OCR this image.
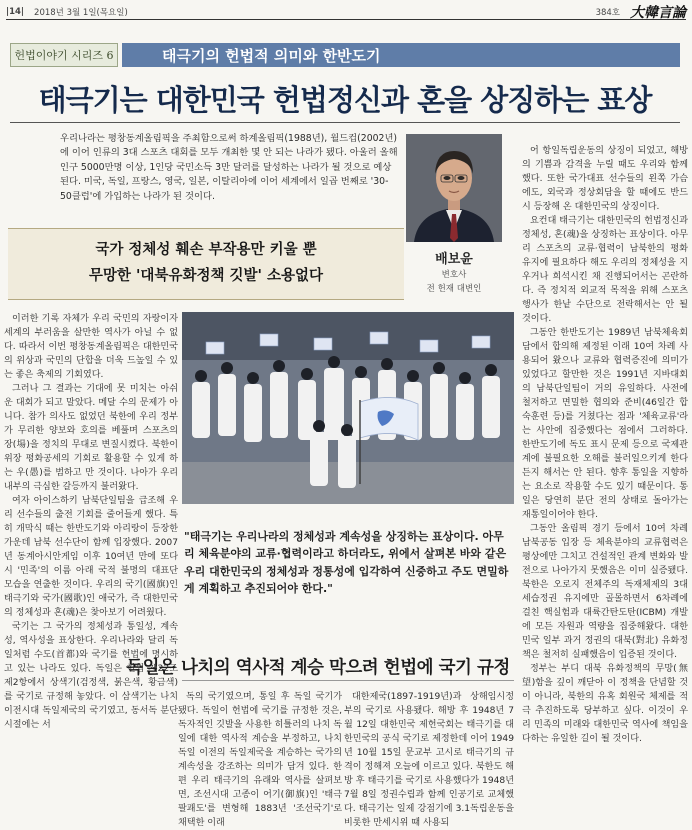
|14| 2018년 3월 1일(목요일)	384호 大韓言論
헌법이야기 시리즈 6	태극기의 헌법적 의미와 한반도기
태극기는 대한민국 헌법정신과 혼을 상징하는 표상

우리나라는 평창동계올림픽을 주최함으로써 하계올림픽(1988년), 월드컵(2002년)에 이어 인류의 3대 스포츠 대회를 모두 개최한 몇 안 되는 나라가 됐다. 아울러 올해 인구 5000만명 이상, 1인당 국민소득 3만 달러를 달성하는 나라가 될 것으로 예상된다. 미국, 독일, 프랑스, 영국, 일본, 이탈리아에 이어 세계에서 일곱 번째로 '30-50클럽'에 가입하는 나라가 된 것이다.

국가 정체성 훼손 부작용만 키울 뿐
무망한 '대북유화정책 깃발' 소용없다
배보윤
변호사
전 헌재 대변인

이러한 기록 자체가 우리 국민의 자랑이자 세계의 부러움을 살만한 역사가 아닐 수 없다. 따라서 이번 평창동계올림픽은 대한민국의 위상과 국민의 단합을 더욱 드높일 수 있는 좋은 축제의 기회였다.

그러나 그 결과는 기대에 못 미치는 아쉬운 대회가 되고 말았다. 메달 수의 문제가 아니다. 참가 의사도 없었던 북한에 우리 정부가 무리한 양보와 호의를 베풀며 스포츠의 장(場)을 정치의 무대로 변질시켰다. 북한이 위장 평화공세의 기회로 활용할 수 있게 하는 우(愚)를 범하고 만 것이다. 나아가 우리 내부의 극심한 갈등까지 불러왔다.

여자 아이스하키 남북단일팀을 급조해 우리 선수들의 출전 기회를 줄어들게 했다. 특히 개막식 때는 한반도기와 아리랑이 등장한 가운데 남북 선수단이 함께 입장했다. 2007년 동계아시안게임 이후 10여년 만에 또다시 '민족'의 이름 아래 국적 불명의 대표단 모습을 연출한 것이다. 우리의 국기(國旗)인 태극기와 국가(國歌)인 애국가, 즉 대한민국의 정체성과 혼(魂)은 찾아보기 어려웠다.

국기는 그 국가의 정체성과 통일성, 계속성, 역사성을 표상한다. 우리나라와 달리 독일처럼 수도(首都)와 국기를 헌법에 명시하고 있는 나라도 있다. 독일은 헌법 제22조 제2항에서 상색기(검정색, 붉은색, 황금색)를 국기로 규정해 놓았다. 이 삼색기는 나치 이전시대 독일제국의 국기였고, 동서독 분단시절에는 서

"태극기는 우리나라의 정체성과 계속성을 상징하는 표상이다. 아무리 체육분야의 교류·협력이라고 하더라도, 위에서 살펴본 바와 같은 우리 대한민국의 정체성과 정통성에 입각하여 신중하고 주도 면밀하게 계획하고 추진되어야 한다."

독일은 나치의 역사적 계승 막으려 헌법에 국기 규정

독의 국기였으며, 통일 후 독일 국기가 됐다. 독일이 헌법에 국기를 규정한 것은, 독자적인 깃발을 사용한 히틀러의 나치 독일에 대한 역사적 계승을 부정하고, 나치 독일 이전의 독일제국을 계승하는 국가의 계속성을 강조하는 의미가 담겨 있다. 한편 우리 태극기의 유래와 역사를 살펴보면, 조선시대 고종이 어기(御旗)인 '태극팔괘도'를 변형해 1883년 '조선국기'로 채택한 이래

대한제국(1897-1919년)과 상해임시정부의 국기로 사용됐다. 해방 후 1948년 7월 12일 대한민국 제헌국회는 태극기를 대한민국의 공식 국기로 제정한데 이어 1949년 10월 15일 문교부 고시로 태극기의 규격이 정해져 오늘에 이르고 있다. 북한도 해방 후 태극기를 국기로 사용했다가 1948년 7월 8일 정권수립과 함께 인공기로 교체했다. 태극기는 일제 강점기에 3.1독립운동을 비롯한 만세시위 때 사용되

어 항일독립운동의 상징이 되었고, 해방의 기쁨과 감격을 누릴 때도 우리와 함께 했다. 또한 국가대표 선수들의 왼쪽 가슴에도, 외국과 정상회담을 할 때에도 반드시 등장해 온 대한민국의 상징이다.

요컨대 태극기는 대한민국의 헌법정신과 정체성, 혼(魂)을 상징하는 표상이다. 아무리 스포츠의 교류·협력이 남북한의 평화 유지에 필요하다 해도 우리의 정체성을 지우거나 희석시킨 채 진행되어서는 곤란하다. 즉 정치적 외교적 목적을 위해 스포츠 행사가 한낱 수단으로 전락해서는 안 될 것이다.

그동안 한반도기는 1989년 남북체육회담에서 합의해 제정된 이래 10여 차례 사용되어 왔으나 교류와 협력증진에 의미가 있었다고 할만한 것은 1991년 지바대회의 남북단일팀이 거의 유일하다. 사전에 철저하고 면밀한 협의와 준비(46일간 합숙훈련 등)를 거쳤다는 점과 '체육교류'라는 사안에 집중했다는 점에서 그러하다. 한반도기에 독도 표시 문제 등으로 국제관계에 불필요한 오해를 불러일으키게 한다든지 해서는 안 된다. 향후 통일을 지향하는 요소로 작용할 수도 있기 때문이다. 통일은 당연히 분단 전의 상태로 돌아가는 재통일이어야 한다.

그동안 올림픽 경기 등에서 10여 차례 남북공동 입장 등 체육분야의 교류협력은 평상에만 그치고 건설적인 관계 변화와 발전으로 나아가지 못했음은 이미 실증됐다. 북한은 오로지 전체주의 독재체제의 3대 세습정권 유지에만 골몰하면서 6차례에 걸친 핵실험과 대륙간탄도탄(ICBM) 개발에 모든 자원과 역량을 집중해왔다. 대한민국 일부 과거 정권의 대북(對北) 유화정책은 철저히 실패했음이 입증된 것이다.

정부는 부디 대북 유화정책의 무망(無望)함을 깊이 깨닫아 이 정책을 단념할 것이 아니라, 북한의 유혹 회원국 체제를 적극 추진하도록 당부하고 싶다. 이것이 우리 민족의 미래와 대한민국 역사에 책임을 다하는 유일한 길이 될 것이다.
